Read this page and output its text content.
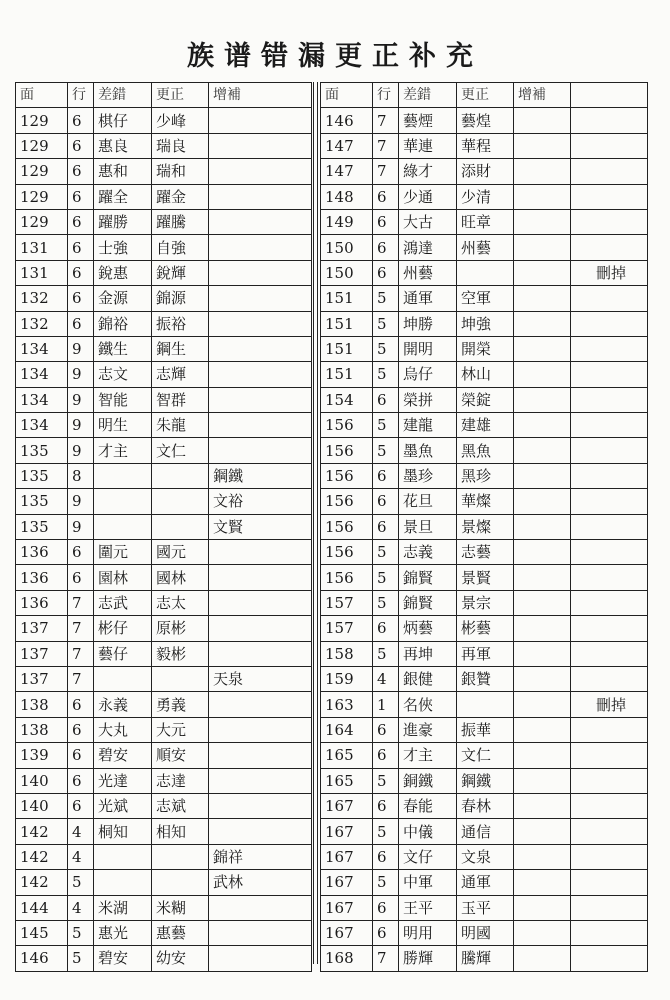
族谱错漏更正补充
面	行	差錯	更正	增補
129	6	棋仔	少峰	
129	6	惠良	瑞良	
129	6	惠和	瑞和	
129	6	躍全	躍金	
129	6	躍勝	躍騰	
131	6	士強	自強	
131	6	銳惠	銳輝	
132	6	金源	錦源	
132	6	錦裕	振裕	
134	9	鐵生	鋼生	
134	9	志文	志輝	
134	9	智能	智群	
134	9	明生	朱龍	
135	9	才主	文仁	
135	8			鋼鐵
135	9			文裕
135	9			文賢
136	6	圍元	國元	
136	6	園林	國林	
136	7	志武	志太	
137	7	彬仔	原彬	
137	7	藝仔	毅彬	
137	7			天泉
138	6	永義	勇義	
138	6	大丸	大元	
139	6	碧安	順安	
140	6	光達	志達	
140	6	光斌	志斌	
142	4	桐知	相知	
142	4			錦祥
142	5			武林
144	4	米湖	米糊	
145	5	惠光	惠藝	
146	5	碧安	幼安	
面	行	差錯	更正	增補	
146	7	藝煙	藝煌		
147	7	華連	華程		
147	7	綠才	添財		
148	6	少通	少清		
149	6	大古	旺章		
150	6	鴻達	州藝		
150	6	州藝			刪掉
151	5	通軍	空軍		
151	5	坤勝	坤強		
151	5	開明	開榮		
151	5	烏仔	林山		
154	6	榮拼	榮錠		
156	5	建龍	建雄		
156	5	墨魚	黑魚		
156	6	墨珍	黑珍		
156	6	花旦	華燦		
156	6	景旦	景燦		
156	5	志義	志藝		
156	5	錦賢	景賢		
157	5	錦賢	景宗		
157	6	炳藝	彬藝		
158	5	再坤	再軍		
159	4	銀健	銀贊		
163	1	名俠			刪掉
164	6	進豪	振華		
165	6	才主	文仁		
165	5	銅鐵	鋼鐵		
167	6	春能	春林		
167	5	中儀	通信		
167	6	文仔	文泉		
167	5	中軍	通軍		
167	6	王平	玉平		
167	6	明用	明國		
168	7	勝輝	騰輝		
